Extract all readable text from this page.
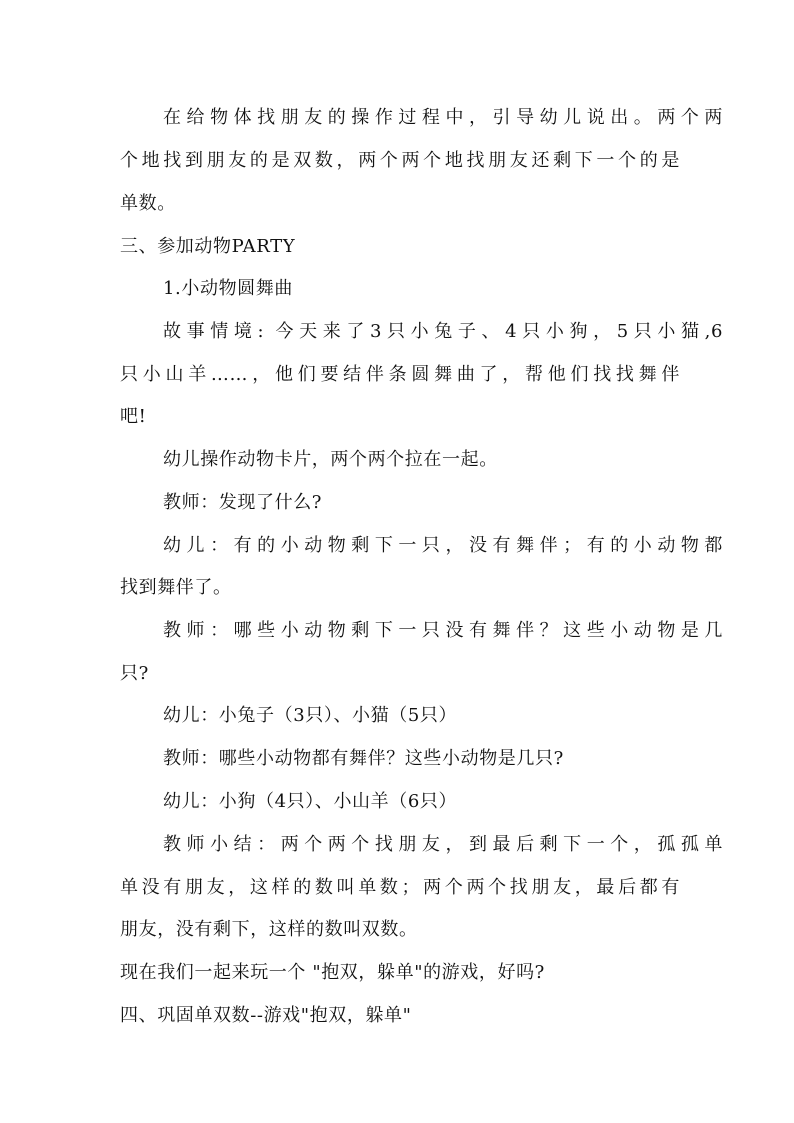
在给物体找朋友的操作过程中，引导幼儿说出。两个两
个地找到朋友的是双数，两个两个地找朋友还剩下一个的是
单数。
三、参加动物PARTY
1.小动物圆舞曲
故事情境: 今天来了3只小兔子、4只小狗，5只小猫,6
只小山羊……，他们要结伴条圆舞曲了，帮他们找找舞伴
吧!
幼儿操作动物卡片，两个两个拉在一起。
教师：发现了什么?
幼儿：有的小动物剩下一只，没有舞伴；有的小动物都
找到舞伴了。
教师：哪些小动物剩下一只没有舞伴？这些小动物是几
只?
幼儿：小兔子（3只）、小猫（5只）
教师：哪些小动物都有舞伴？这些小动物是几只?
幼儿：小狗（4只）、小山羊（6只）
教师小结：两个两个找朋友，到最后剩下一个，孤孤单
单没有朋友，这样的数叫单数；两个两个找朋友，最后都有
朋友，没有剩下，这样的数叫双数。
现在我们一起来玩一个 "抱双，躲单"的游戏，好吗?
四、巩固单双数--游戏"抱双，躲单"
